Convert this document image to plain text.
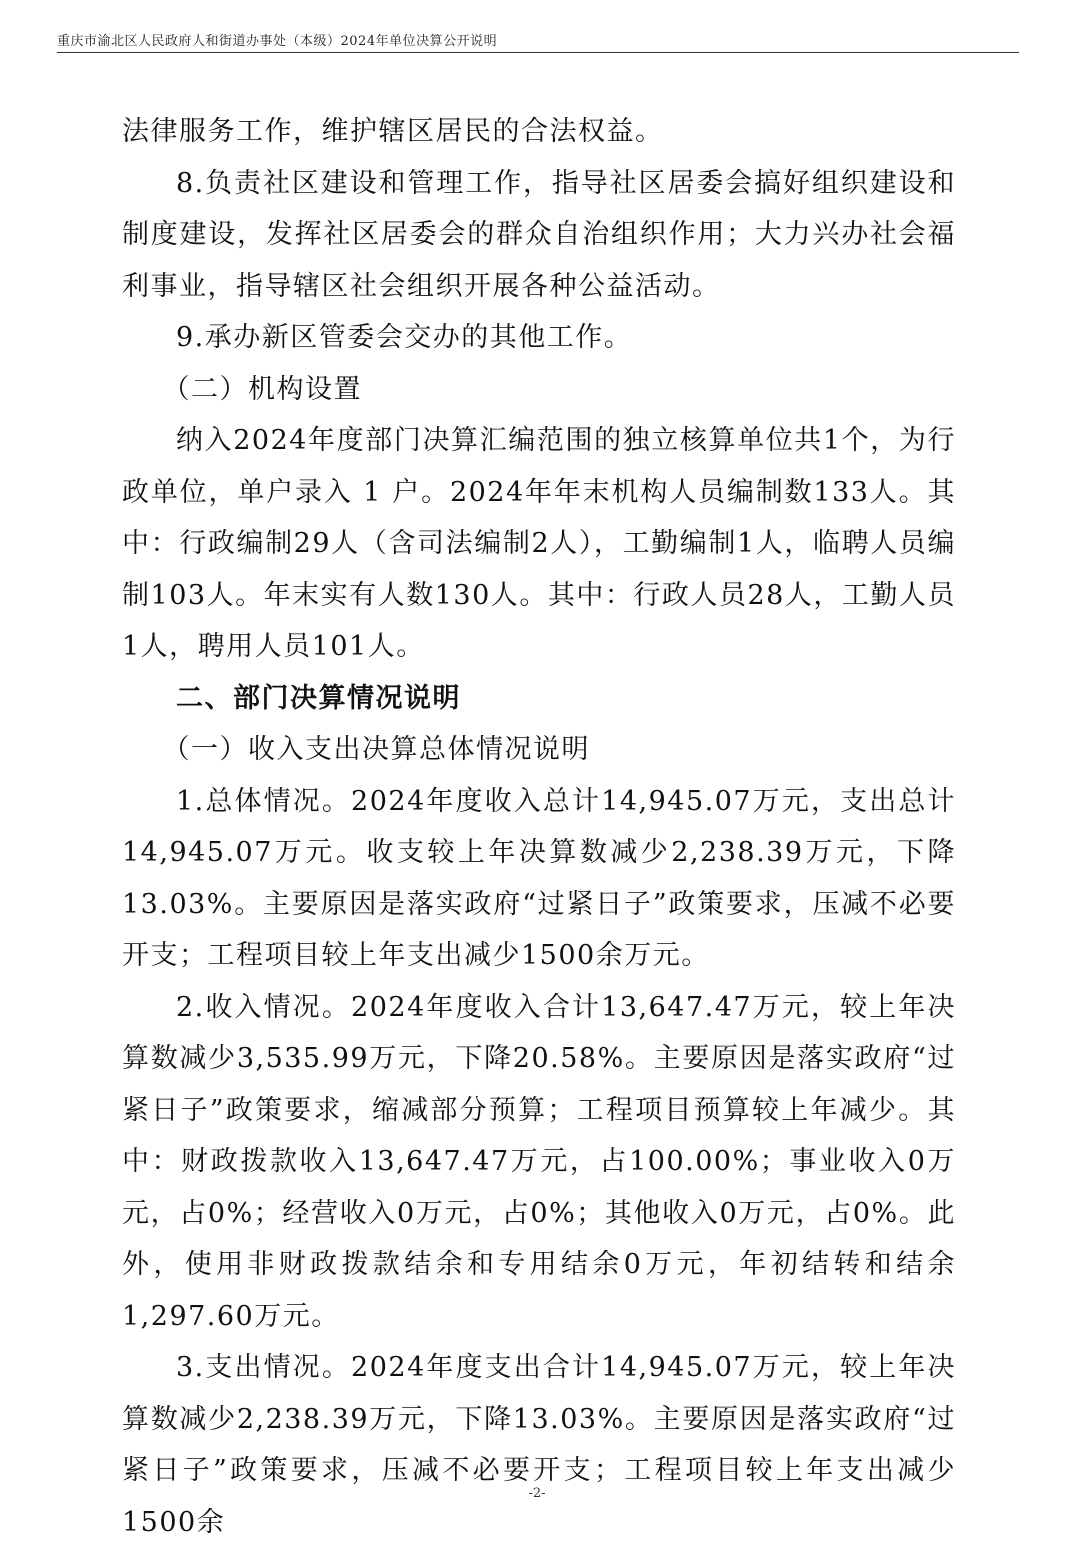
重庆市渝北区人民政府人和街道办事处（本级）2024年单位决算公开说明

法律服务工作，维护辖区居民的合法权益。

8.负责社区建设和管理工作，指导社区居委会搞好组织建设和制度建设，发挥社区居委会的群众自治组织作用；大力兴办社会福利事业，指导辖区社会组织开展各种公益活动。

9.承办新区管委会交办的其他工作。

（二）机构设置

纳入2024年度部门决算汇编范围的独立核算单位共1个，为行政单位，单户录入 1 户。2024年年末机构人员编制数133人。其中：行政编制29人（含司法编制2人），工勤编制1人，临聘人员编制103人。年末实有人数130人。其中：行政人员28人，工勤人员1人，聘用人员101人。

二、部门决算情况说明

（一）收入支出决算总体情况说明

1.总体情况。2024年度收入总计14,945.07万元，支出总计14,945.07万元。收支较上年决算数减少2,238.39万元，下降13.03%。主要原因是落实政府“过紧日子”政策要求，压减不必要开支；工程项目较上年支出减少1500余万元。

2.收入情况。2024年度收入合计13,647.47万元，较上年决算数减少3,535.99万元，下降20.58%。主要原因是落实政府“过紧日子”政策要求，缩减部分预算；工程项目预算较上年减少。其中：财政拨款收入13,647.47万元，占100.00%；事业收入0万元，占0%；经营收入0万元，占0%；其他收入0万元，占0%。此外，使用非财政拨款结余和专用结余0万元，年初结转和结余1,297.60万元。

3.支出情况。2024年度支出合计14,945.07万元，较上年决算数减少2,238.39万元，下降13.03%。主要原因是落实政府“过紧日子”政策要求，压减不必要开支；工程项目较上年支出减少1500余

-2-
